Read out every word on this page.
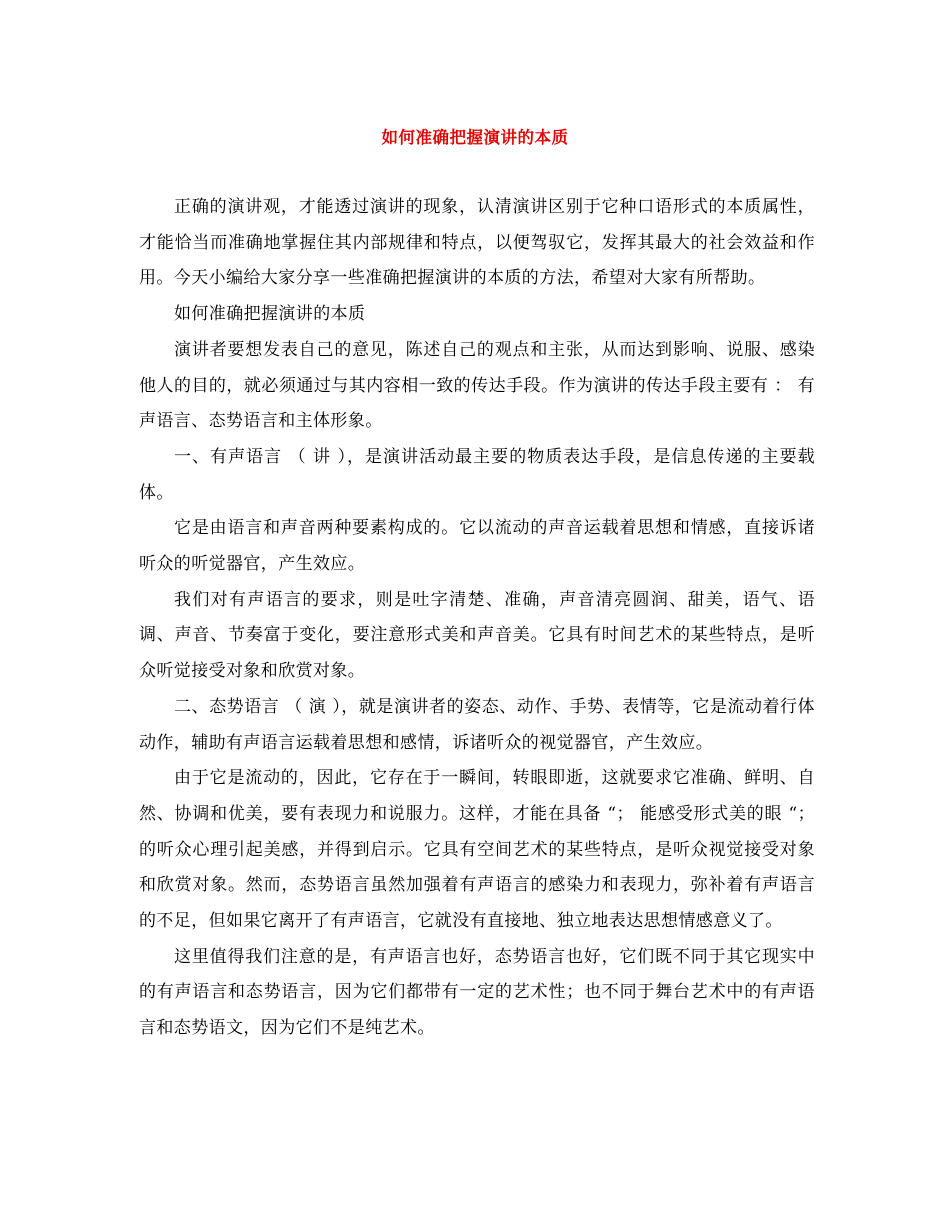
如何准确把握演讲的本质

正确的演讲观，才能透过演讲的现象，认清演讲区别于它种口语形式的本质属性，才能恰当而准确地掌握住其内部规律和特点，以便驾驭它，发挥其最大的社会效益和作用。今天小编给大家分享一些准确把握演讲的本质的方法，希望对大家有所帮助。

如何准确把握演讲的本质

演讲者要想发表自己的意见，陈述自己的观点和主张，从而达到影响、说服、感染他人的目的，就必须通过与其内容相一致的传达手段。作为演讲的传达手段主要有 ： 有声语言、态势语言和主体形象。

一、有声语言 （ 讲 ），是演讲活动最主要的物质表达手段，是信息传递的主要载体。

它是由语言和声音两种要素构成的。它以流动的声音运载着思想和情感，直接诉诸听众的听觉器官，产生效应。

我们对有声语言的要求，则是吐字清楚、准确，声音清亮圆润、甜美，语气、语调、声音、节奏富于变化，要注意形式美和声音美。它具有时间艺术的某些特点，是听众听觉接受对象和欣赏对象。

二、态势语言 （ 演 ），就是演讲者的姿态、动作、手势、表情等，它是流动着行体动作，辅助有声语言运载着思想和感情，诉诸听众的视觉器官，产生效应。

由于它是流动的，因此，它存在于一瞬间，转眼即逝，这就要求它准确、鲜明、自然、协调和优美，要有表现力和说服力。这样，才能在具备 “； 能感受形式美的眼 “； 的听众心理引起美感，并得到启示。它具有空间艺术的某些特点，是听众视觉接受对象和欣赏对象。然而，态势语言虽然加强着有声语言的感染力和表现力，弥补着有声语言的不足，但如果它离开了有声语言，它就没有直接地、独立地表达思想情感意义了。

这里值得我们注意的是，有声语言也好，态势语言也好，它们既不同于其它现实中的有声语言和态势语言，因为它们都带有一定的艺术性；也不同于舞台艺术中的有声语言和态势语文，因为它们不是纯艺术。
